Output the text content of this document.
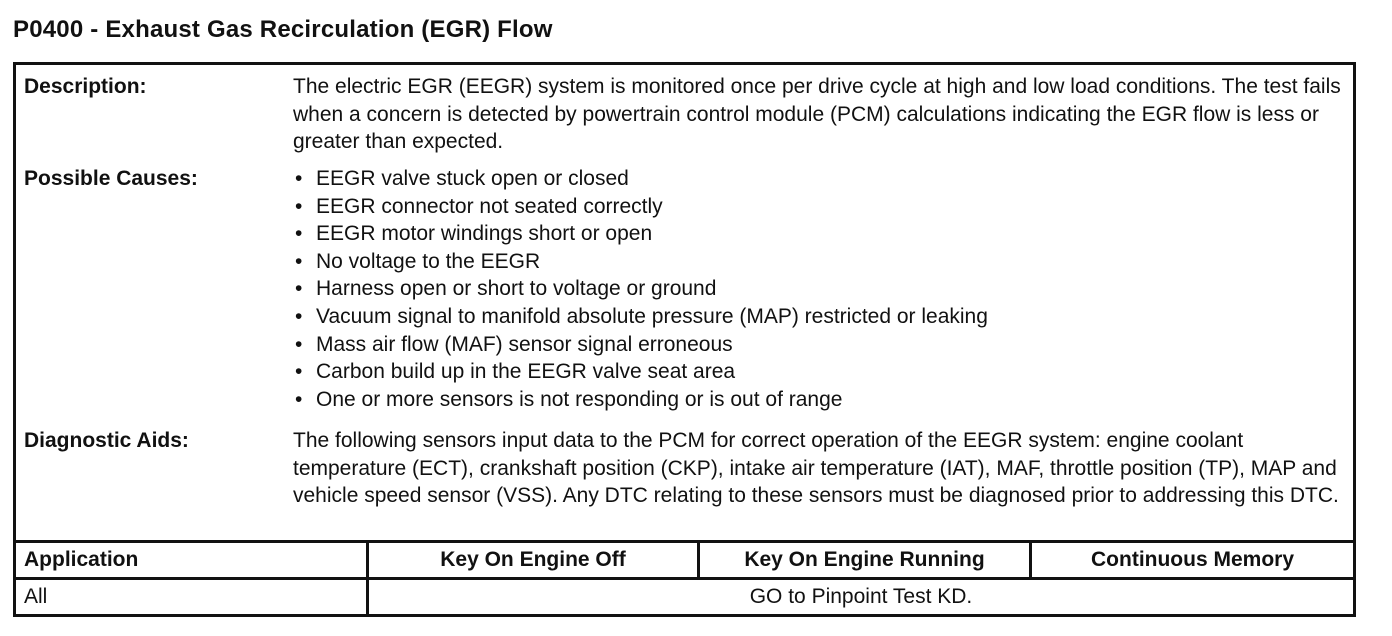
P0400 - Exhaust Gas Recirculation (EGR) Flow
Description:	The electric EGR (EEGR) system is monitored once per drive cycle at high and low load conditions. The test fails when a concern is detected by powertrain control module (PCM) calculations indicating the EGR flow is less or greater than expected.

Possible Causes:	• EEGR valve stuck open or closed
• EEGR connector not seated correctly
• EEGR motor windings short or open
• No voltage to the EEGR
• Harness open or short to voltage or ground
• Vacuum signal to manifold absolute pressure (MAP) restricted or leaking
• Mass air flow (MAF) sensor signal erroneous
• Carbon build up in the EEGR valve seat area
• One or more sensors is not responding or is out of range
Diagnostic Aids:	The following sensors input data to the PCM for correct operation of the EEGR system: engine coolant temperature (ECT), crankshaft position (CKP), intake air temperature (IAT), MAF, throttle position (TP), MAP and vehicle speed sensor (VSS). Any DTC relating to these sensors must be diagnosed prior to addressing this DTC.

Application	Key On Engine Off	Key On Engine Running	Continuous Memory
All	GO to Pinpoint Test KD.
